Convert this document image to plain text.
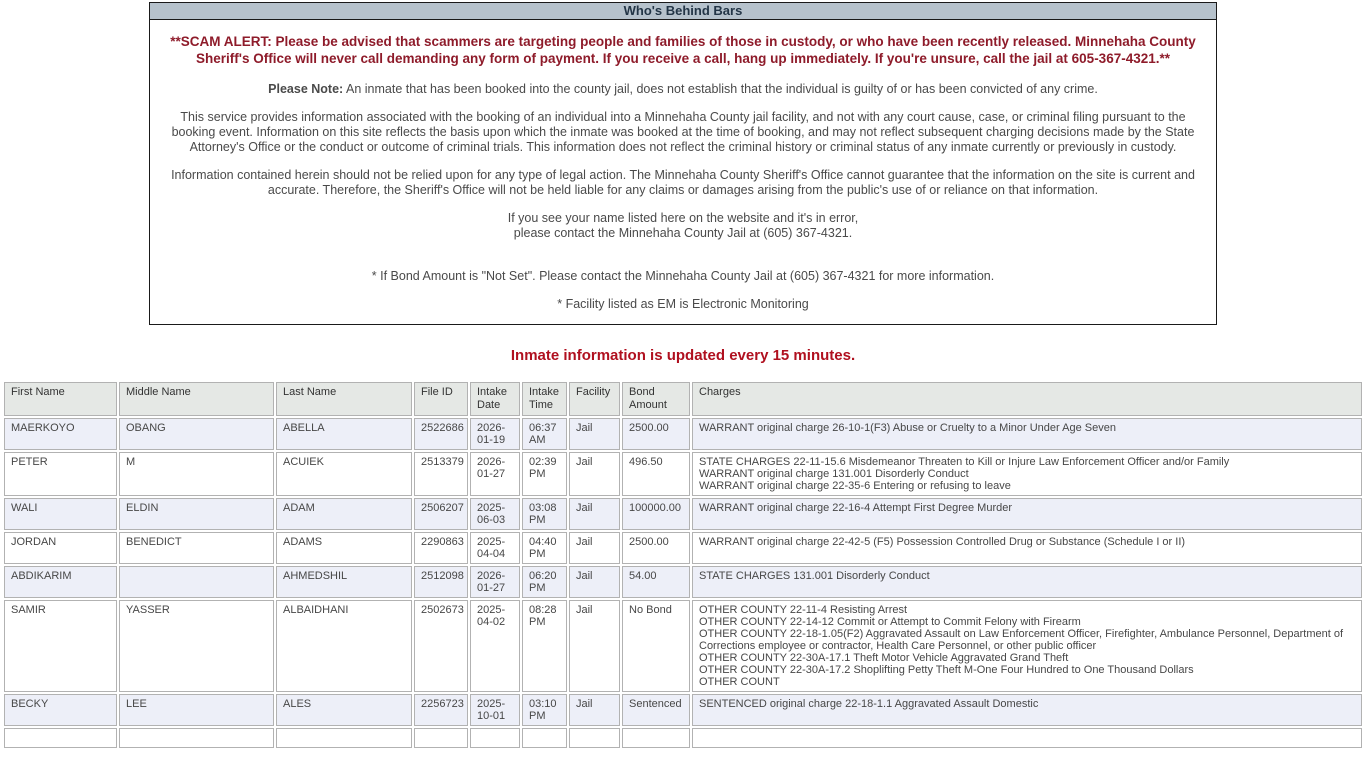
Who's Behind Bars

**SCAM ALERT: Please be advised that scammers are targeting people and families of those in custody, or who have been recently released. Minnehaha County Sheriff's Office will never call demanding any form of payment. If you receive a call, hang up immediately. If you're unsure, call the jail at 605-367-4321.**

Please Note: An inmate that has been booked into the county jail, does not establish that the individual is guilty of or has been convicted of any crime.

This service provides information associated with the booking of an individual into a Minnehaha County jail facility, and not with any court cause, case, or criminal filing pursuant to the booking event. Information on this site reflects the basis upon which the inmate was booked at the time of booking, and may not reflect subsequent charging decisions made by the State Attorney's Office or the conduct or outcome of criminal trials. This information does not reflect the criminal history or criminal status of any inmate currently or previously in custody.

Information contained herein should not be relied upon for any type of legal action. The Minnehaha County Sheriff's Office cannot guarantee that the information on the site is current and accurate. Therefore, the Sheriff's Office will not be held liable for any claims or damages arising from the public's use of or reliance on that information.

If you see your name listed here on the website and it's in error,
please contact the Minnehaha County Jail at (605) 367-4321.

* If Bond Amount is "Not Set". Please contact the Minnehaha County Jail at (605) 367-4321 for more information.

* Facility listed as EM is Electronic Monitoring

Inmate information is updated every 15 minutes.
First Name	Middle Name	Last Name	File ID	Intake Date	Intake Time	Facility	Bond Amount	Charges
MAERKOYO	OBANG	ABELLA	2522686	2026-01-19	06:37 AM	Jail	2500.00	WARRANT original charge 26-10-1(F3) Abuse or Cruelty to a Minor Under Age Seven

PETER	M	ACUIEK	2513379	2026-01-27	02:39 PM	Jail	496.50	STATE CHARGES 22-11-15.6 Misdemeanor Threaten to Kill or Injure Law Enforcement Officer and/or Family
WARRANT original charge 131.001 Disorderly Conduct
WARRANT original charge 22-35-6 Entering or refusing to leave

WALI	ELDIN	ADAM	2506207	2025-06-03	03:08 PM	Jail	100000.00	WARRANT original charge 22-16-4 Attempt First Degree Murder

JORDAN	BENEDICT	ADAMS	2290863	2025-04-04	04:40 PM	Jail	2500.00	WARRANT original charge 22-42-5 (F5) Possession Controlled Drug or Substance (Schedule I or II)

ABDIKARIM		AHMEDSHIL	2512098	2026-01-27	06:20 PM	Jail	54.00	STATE CHARGES 131.001 Disorderly Conduct

SAMIR	YASSER	ALBAIDHANI	2502673	2025-04-02	08:28 PM	Jail	No Bond	OTHER COUNTY 22-11-4 Resisting Arrest
OTHER COUNTY 22-14-12 Commit or Attempt to Commit Felony with Firearm
OTHER COUNTY 22-18-1.05(F2) Aggravated Assault on Law Enforcement Officer, Firefighter, Ambulance Personnel, Department of Corrections employee or contractor, Health Care Personnel, or other public officer
OTHER COUNTY 22-30A-17.1 Theft Motor Vehicle Aggravated Grand Theft
OTHER COUNTY 22-30A-17.2 Shoplifting Petty Theft M-One Four Hundred to One Thousand Dollars
OTHER COUNT

BECKY	LEE	ALES	2256723	2025-10-01	03:10 PM	Jail	Sentenced	SENTENCED original charge 22-18-1.1 Aggravated Assault Domestic
